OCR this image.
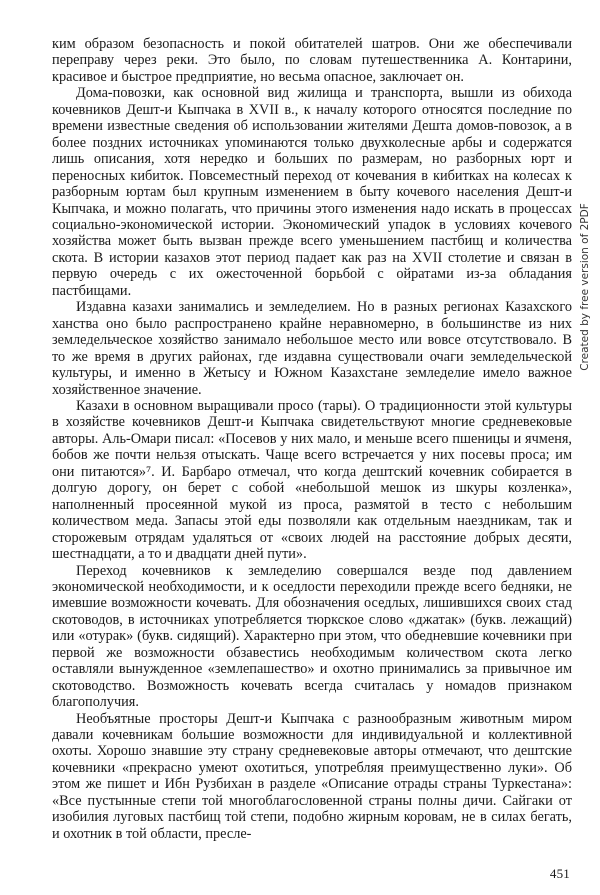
ким образом безопасность и покой обитателей шатров. Они же обеспечивали переправу через реки. Это было, по словам путешественника А. Контарини, красивое и быстрое предприятие, но весьма опасное, заключает он.

Дома-повозки, как основной вид жилища и транспорта, вышли из обихода кочевников Дешт-и Кыпчака в XVII в., к началу которого относятся последние по времени известные сведения об использовании жителями Дешта домов-повозок, а в более поздних источниках упоминаются только двухколесные арбы и содержатся лишь описания, хотя нередко и больших по размерам, но разборных юрт и переносных кибиток. Повсеместный переход от кочевания в кибитках на колесах к разборным юртам был крупным изменением в быту кочевого населения Дешт-и Кыпчака, и можно полагать, что причины этого изменения надо искать в процессах социально-экономической истории. Экономический упадок в условиях кочевого хозяйства может быть вызван прежде всего уменьшением пастбищ и количества скота. В истории казахов этот период падает как раз на XVII столетие и связан в первую очередь с их ожесточенной борьбой с ойратами из-за обладания пастбищами.

Издавна казахи занимались и земледелием. Но в разных регионах Казахского ханства оно было распространено крайне неравномерно, в большинстве из них земледельческое хозяйство занимало небольшое место или вовсе отсутствовало. В то же время в других районах, где издавна существовали очаги земледельческой культуры, и именно в Жетысу и Южном Казахстане земледелие имело важное хозяйственное значение.

Казахи в основном выращивали просо (тары). О традиционности этой культуры в хозяйстве кочевников Дешт-и Кыпчака свидетельствуют многие средневековые авторы. Аль-Омари писал: «Посевов у них мало, и меньше всего пшеницы и ячменя, бобов же почти нельзя отыскать. Чаще всего встречается у них посевы проса; им они питаются»⁷. И. Барбаро отмечал, что когда дештский кочевник собирается в долгую дорогу, он берет с собой «небольшой мешок из шкуры козленка», наполненный просеянной мукой из проса, размятой в тесто с небольшим количеством меда. Запасы этой еды позволяли как отдельным наездникам, так и сторожевым отрядам удаляться от «своих людей на расстояние добрых десяти, шестнадцати, а то и двадцати дней пути».

Переход кочевников к земледелию совершался везде под давлением экономической необходимости, и к оседлости переходили прежде всего бедняки, не имевшие возможности кочевать. Для обозначения оседлых, лишившихся своих стад скотоводов, в источниках употребляется тюркское слово «джатак» (букв. лежащий) или «отурак» (букв. сидящий). Характерно при этом, что обедневшие кочевники при первой же возможности обзавестись необходимым количеством скота легко оставляли вынужденное «землепашество» и охотно принимались за привычное им скотоводство. Возможность кочевать всегда считалась у номадов признаком благополучия.

Необъятные просторы Дешт-и Кыпчака с разнообразным животным миром давали кочевникам большие возможности для индивидуальной и коллективной охоты. Хорошо знавшие эту страну средневековые авторы отмечают, что дештские кочевники «прекрасно умеют охотиться, употребляя преимущественно луки». Об этом же пишет и Ибн Рузбихан в разделе «Описание отрады страны Туркестана»: «Все пустынные степи той многоблагословенной страны полны дичи. Сайгаки от изобилия луговых пастбищ той степи, подобно жирным коровам, не в силах бегать, и охотник в той области, пресле-

Created by free version of 2PDF
451
